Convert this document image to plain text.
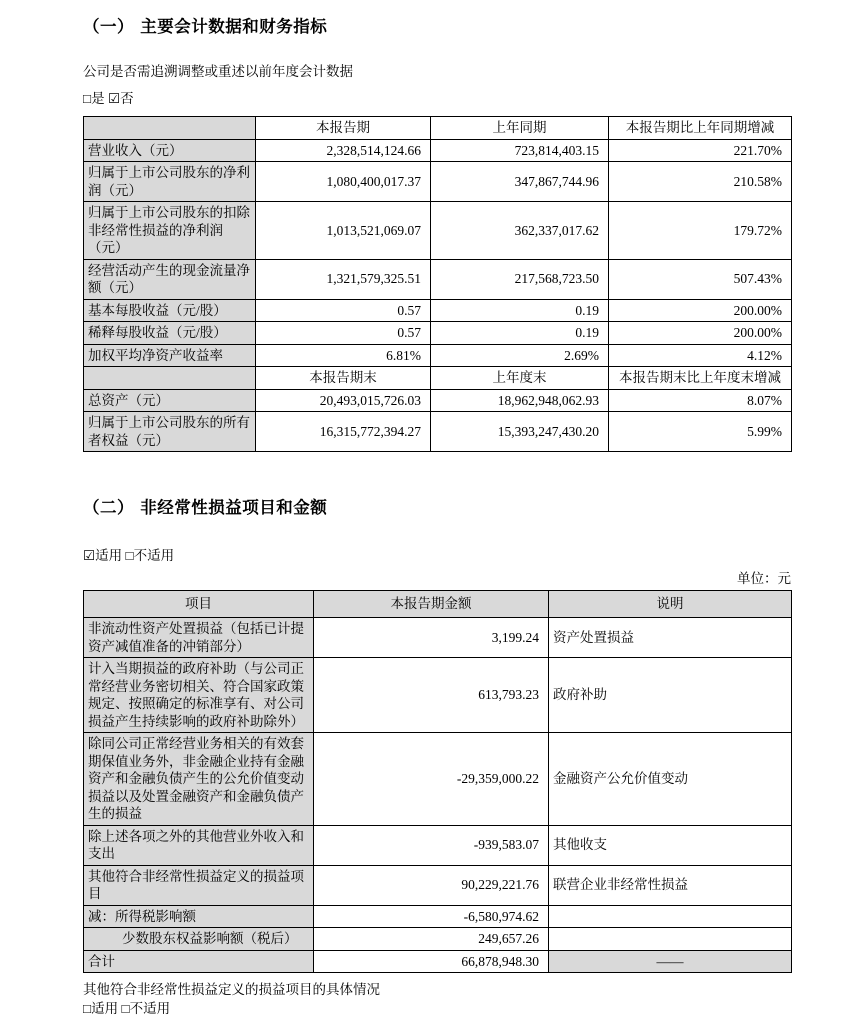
（一） 主要会计数据和财务指标
公司是否需追溯调整或重述以前年度会计数据
□是 ☑否
	本报告期	上年同期	本报告期比上年同期增减
营业收入（元）	2,328,514,124.66	723,814,403.15	221.70%
归属于上市公司股东的净利润（元）	1,080,400,017.37	347,867,744.96	210.58%
归属于上市公司股东的扣除非经常性损益的净利润（元）	1,013,521,069.07	362,337,017.62	179.72%
经营活动产生的现金流量净额（元）	1,321,579,325.51	217,568,723.50	507.43%
基本每股收益（元/股）	0.57	0.19	200.00%
稀释每股收益（元/股）	0.57	0.19	200.00%
加权平均净资产收益率	6.81%	2.69%	4.12%
	本报告期末	上年度末	本报告期末比上年度末增减
总资产（元）	20,493,015,726.03	18,962,948,062.93	8.07%
归属于上市公司股东的所有者权益（元）	16,315,772,394.27	15,393,247,430.20	5.99%
（二） 非经常性损益项目和金额
☑适用 □不适用
单位：元
项目	本报告期金额	说明
非流动性资产处置损益（包括已计提资产减值准备的冲销部分）	3,199.24	资产处置损益
计入当期损益的政府补助（与公司正常经营业务密切相关、符合国家政策规定、按照确定的标准享有、对公司损益产生持续影响的政府补助除外）	613,793.23	政府补助
除同公司正常经营业务相关的有效套期保值业务外，非金融企业持有金融资产和金融负债产生的公允价值变动损益以及处置金融资产和金融负债产生的损益	-29,359,000.22	金融资产公允价值变动
除上述各项之外的其他营业外收入和支出	-939,583.07	其他收支
其他符合非经常性损益定义的损益项目	90,229,221.76	联营企业非经常性损益
减：所得税影响额	-6,580,974.62	
少数股东权益影响额（税后）	249,657.26	
合计	66,878,948.30	——
其他符合非经常性损益定义的损益项目的具体情况
□适用 □不适用
